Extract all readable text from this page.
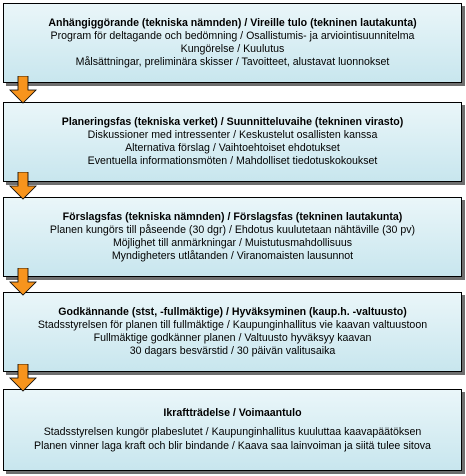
Anhängiggörande (tekniska nämnden) / Vireille tulo (tekninen lautakunta)
Program för deltagande och bedömning / Osallistumis- ja arviointisuunnitelma
Kungörelse / Kuulutus
Målsättningar, preliminära skisser / Tavoitteet, alustavat luonnokset
Planeringsfas (tekniska verket) / Suunnitteluvaihe (tekninen virasto)
Diskussioner med intressenter / Keskustelut osallisten kanssa
Alternativa förslag / Vaihtoehtoiset ehdotukset
Eventuella informationsmöten / Mahdolliset tiedotuskokoukset
Förslagsfas (tekniska nämnden) / Förslagsfas (tekninen lautakunta)
Planen kungörs till påseende (30 dgr) / Ehdotus kuulutetaan nähtäville (30 pv)
Möjlighet till anmärkningar / Muistutusmahdollisuus
Myndigheters utlåtanden / Viranomaisten lausunnot
Godkännande (stst, -fullmäktige) / Hyväksyminen (kaup.h. -valtuusto)
Stadsstyrelsen för planen till fullmäktige / Kaupunginhallitus vie kaavan valtuustoon
Fullmäktige godkänner planen / Valtuusto hyväksyy kaavan
30 dagars besvärstid / 30 päivän valitusaika
Ikraftträdelse / Voimaantulo
Stadsstyrelsen kungör plabeslutet / Kaupunginhallitus kuuluttaa kaavapäätöksen
Planen vinner laga kraft och blir bindande / Kaava saa lainvoiman ja siitä tulee sitova
